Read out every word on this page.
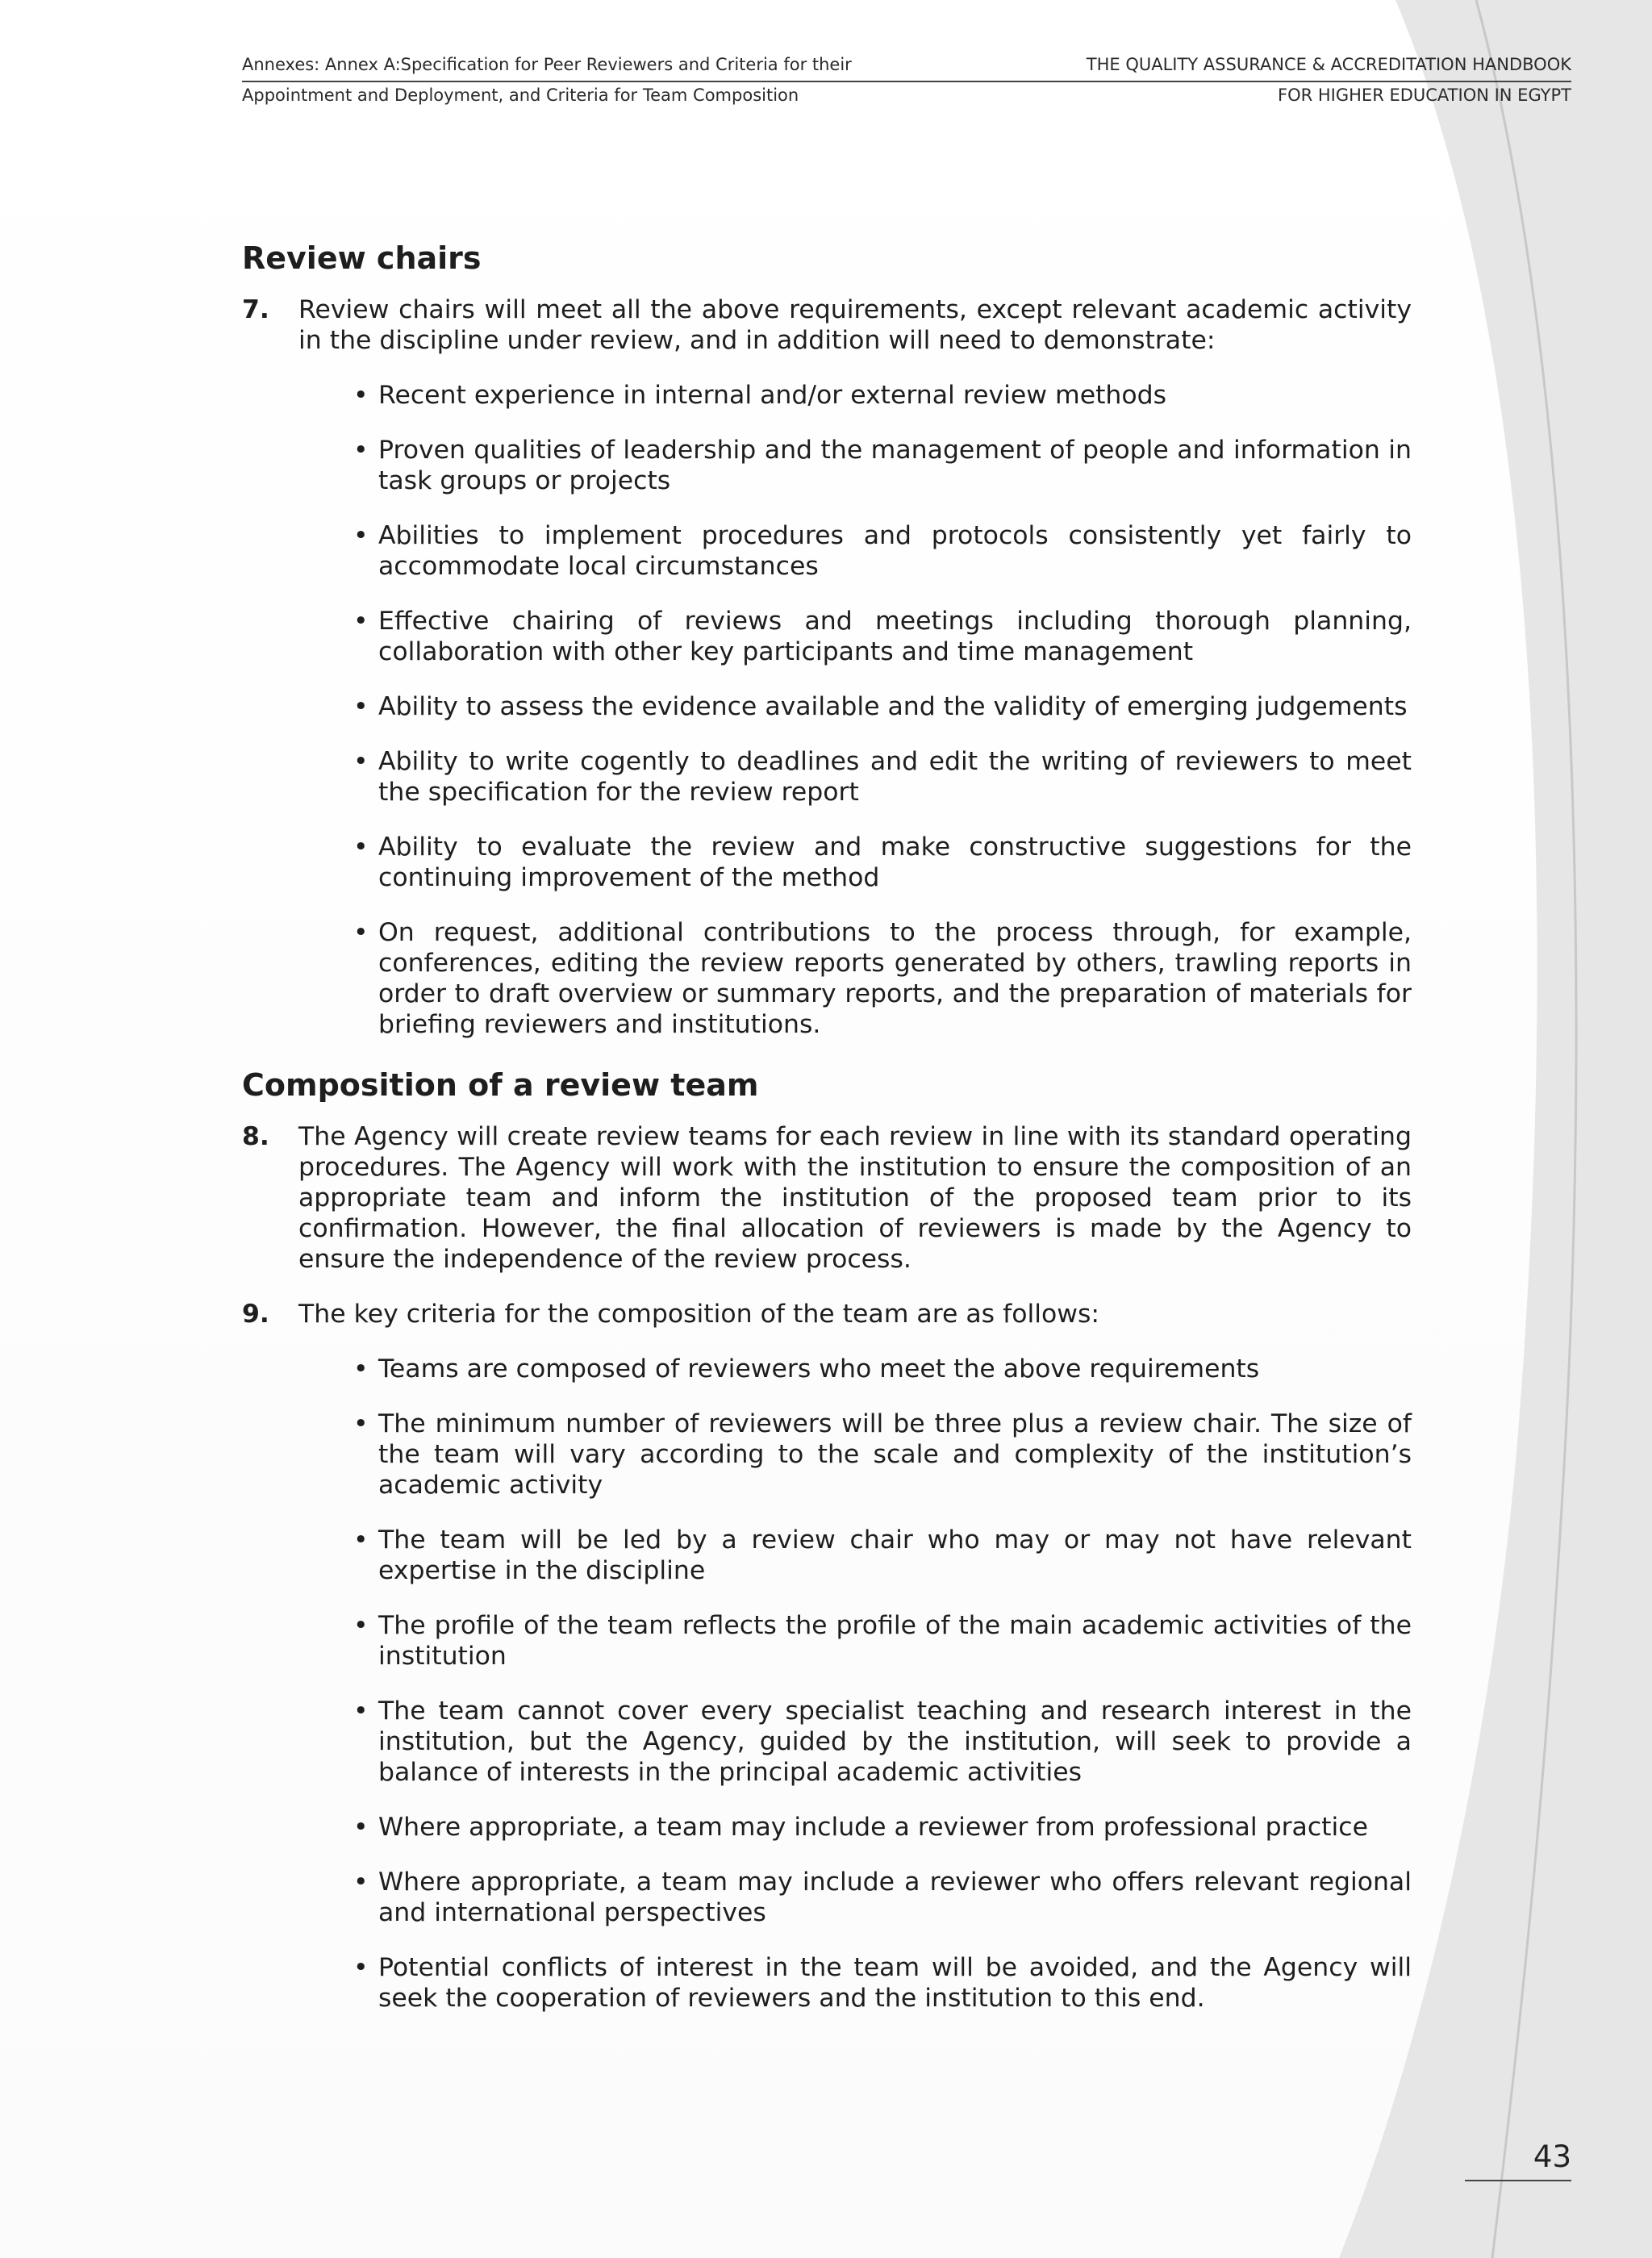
Annexes: Annex A:Specification for Peer Reviewers and Criteria for their
Appointment and Deployment, and Criteria for Team Composition
THE QUALITY ASSURANCE & ACCREDITATION HANDBOOK
FOR HIGHER EDUCATION IN EGYPT
Review chairs

7. Review chairs will meet all the above requirements, except relevant academic activity in the discipline under review, and in addition will need to demonstrate:

• Recent experience in internal and/or external review methods
• Proven qualities of leadership and the management of people and information in task groups or projects
• Abilities to implement procedures and protocols consistently yet fairly to accommodate local circumstances
• Effective chairing of reviews and meetings including thorough planning, collaboration with other key participants and time management
• Ability to assess the evidence available and the validity of emerging judgements
• Ability to write cogently to deadlines and edit the writing of reviewers to meet the specification for the review report
• Ability to evaluate the review and make constructive suggestions for the continuing improvement of the method
• On request, additional contributions to the process through, for example, conferences, editing the review reports generated by others, trawling reports in order to draft overview or summary reports, and the preparation of materials for briefing reviewers and institutions.
Composition of a review team

8. The Agency will create review teams for each review in line with its standard operating procedures. The Agency will work with the institution to ensure the composition of an appropriate team and inform the institution of the proposed team prior to its confirmation. However, the final allocation of reviewers is made by the Agency to ensure the independence of the review process.

9. The key criteria for the composition of the team are as follows:

• Teams are composed of reviewers who meet the above requirements
• The minimum number of reviewers will be three plus a review chair. The size of the team will vary according to the scale and complexity of the institution’s academic activity
• The team will be led by a review chair who may or may not have relevant expertise in the discipline
• The profile of the team reflects the profile of the main academic activities of the institution
• The team cannot cover every specialist teaching and research interest in the institution, but the Agency, guided by the institution, will seek to provide a balance of interests in the principal academic activities
• Where appropriate, a team may include a reviewer from professional practice
• Where appropriate, a team may include a reviewer who offers relevant regional and international perspectives
• Potential conflicts of interest in the team will be avoided, and the Agency will seek the cooperation of reviewers and the institution to this end.
43
